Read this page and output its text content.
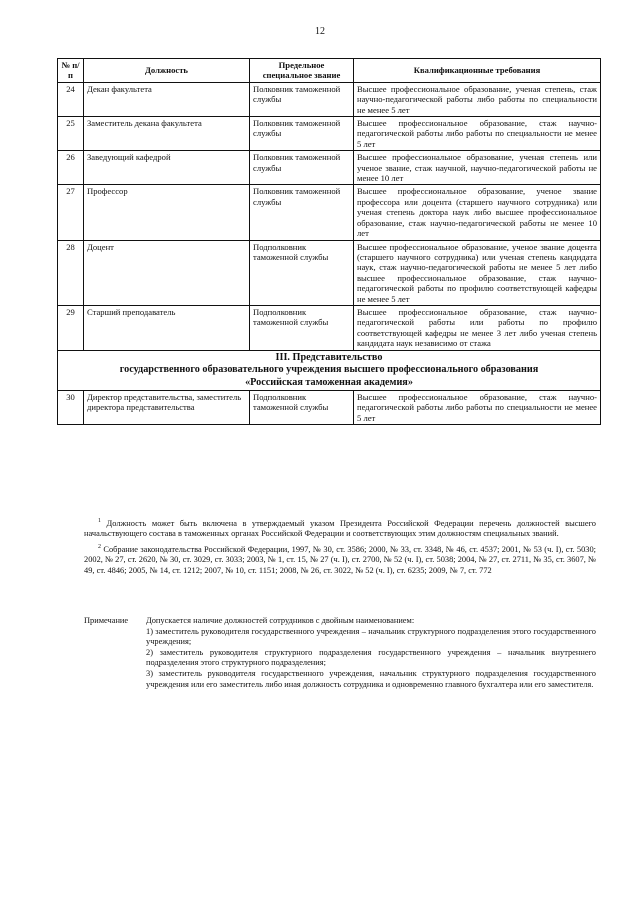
12
№ п/п	Должность	Предельное специальное звание	Квалификационные требования
24	Декан факультета	Полковник таможенной службы	Высшее профессиональное образование, ученая степень, стаж научно-педагогической работы либо работы по специальности не менее 5 лет
25	Заместитель декана факультета	Полковник таможенной службы	Высшее профессиональное образование, стаж научно-педагогической работы либо работы по специальности не менее 5 лет
26	Заведующий кафедрой	Полковник таможенной службы	Высшее профессиональное образование, ученая степень или ученое звание, стаж научной, научно-педагогической работы не менее 10 лет
27	Профессор	Полковник таможенной службы	Высшее профессиональное образование, ученое звание профессора или доцента (старшего научного сотрудника) или ученая степень доктора наук либо высшее профессиональное образование, стаж научно-педагогической работы не менее 10 лет
28	Доцент	Подполковник таможенной службы	Высшее профессиональное образование, ученое звание доцента (старшего научного сотрудника) или ученая степень кандидата наук, стаж научно-педагогической работы не менее 5 лет либо высшее профессиональное образование, стаж научно-педагогической работы по профилю соответствующей кафедры не менее 5 лет
29	Старший преподаватель	Подполковник таможенной службы	Высшее профессиональное образование, стаж научно-педагогической работы или работы по профилю соответствующей кафедры не менее 3 лет либо ученая степень кандидата наук независимо от стажа

III. Представительство
государственного образовательного учреждения высшего профессионального образования
«Российская таможенная академия»			

30	Директор представительства, заместитель директора представительства	Подполковник таможенной службы	Высшее профессиональное образование, стаж научно-педагогической работы либо работы по специальности не менее 5 лет

$^1$ Должность может быть включена в утверждаемый указом Президента Российской Федерации перечень должностей высшего начальствующего состава в таможенных органах Российской Федерации и соответствующих этим должностям специальных званий.

$^2$ Собрание законодательства Российской Федерации, 1997, № 30, ст. 3586; 2000, № 33, ст. 3348, № 46, ст. 4537; 2001, № 53 (ч. I), ст. 5030; 2002, № 27, ст. 2620, № 30, ст. 3029, ст. 3033; 2003, № 1, ст. 15, № 27 (ч. I), ст. 2700, № 52 (ч. I), ст. 5038; 2004, № 27, ст. 2711, № 35, ст. 3607, № 49, ст. 4846; 2005, № 14, ст. 1212; 2007, № 10, ст. 1151; 2008, № 26, ст. 3022, № 52 (ч. I), ст. 6235; 2009, № 7, ст. 772

Примечание	Допускается наличие должностей сотрудников с двойным наименованием:
1) заместитель руководителя государственного учреждения – начальник структурного подразделения этого государственного учреждения;
2) заместитель руководителя структурного подразделения государственного учреждения – начальник внутреннего подразделения этого структурного подразделения;
3) заместитель руководителя государственного учреждения, начальник структурного подразделения государственного учреждения или его заместитель либо иная должность сотрудника и одновременно главного бухгалтера или его заместителя.
